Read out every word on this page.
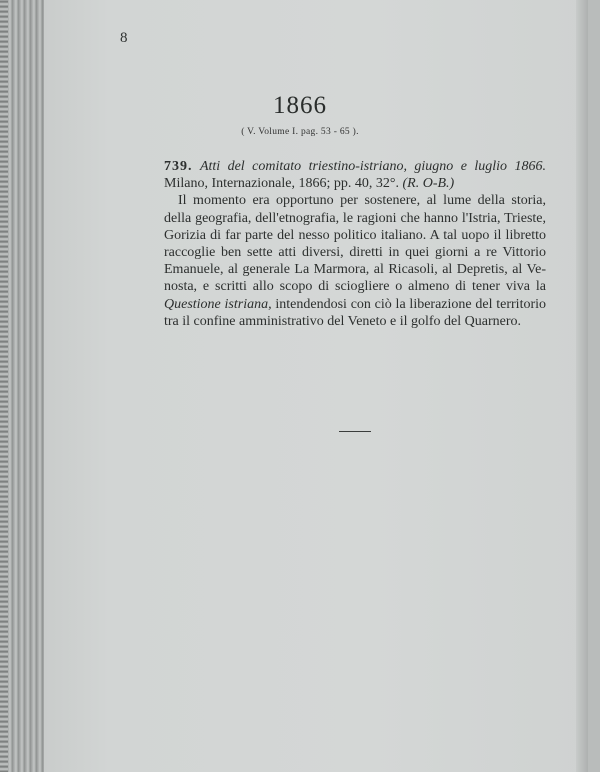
8
1866
( V. Volume I. pag. 53 - 65 ).
739. Atti del comitato triestino-istriano, giugno e luglio 1866.
Milano, Internazionale, 1866; pp. 40, 32°. (R. O-B.)
Il momento era opportuno per sostenere, al lume della storia,
della geografia, dell'etnografia, le ragioni che hanno l'Istria, Trieste,
Gorizia di far parte del nesso politico italiano. A tal uopo il libretto
raccoglie ben sette atti diversi, diretti in quei giorni a re Vittorio
Emanuele, al generale La Marmora, al Ricasoli, al Depretis, al Ve-
nosta, e scritti allo scopo di sciogliere o almeno di tener viva la
Questione istriana, intendendosi con ciò la liberazione del territorio
tra il confine amministrativo del Veneto e il golfo del Quarnero.
